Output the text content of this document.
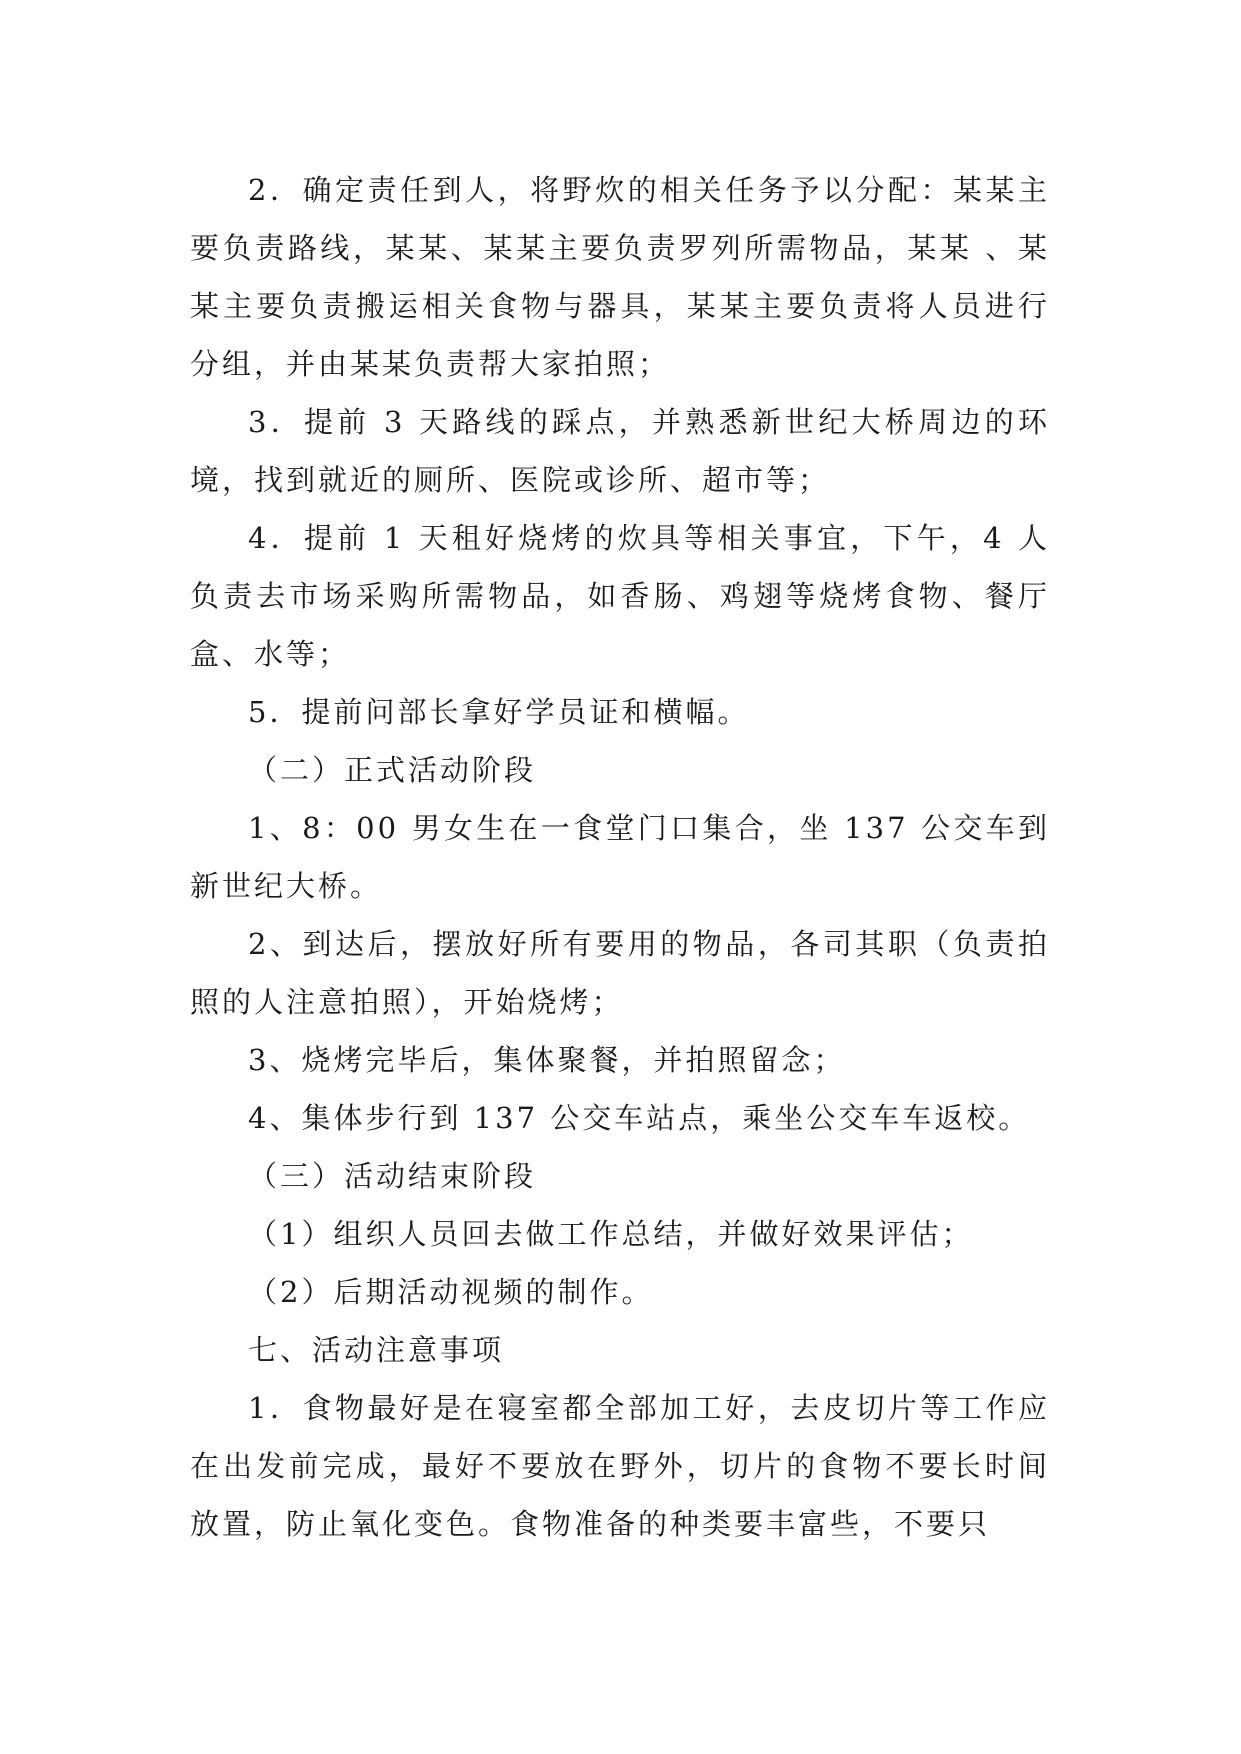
2．确定责任到人，将野炊的相关任务予以分配：某某主要负责路线，某某、某某主要负责罗列所需物品，某某 、某某主要负责搬运相关食物与器具，某某主要负责将人员进行分组，并由某某负责帮大家拍照；

3．提前 3 天路线的踩点，并熟悉新世纪大桥周边的环境，找到就近的厕所、医院或诊所、超市等；

4．提前 1 天租好烧烤的炊具等相关事宜，下午，4 人负责去市场采购所需物品，如香肠、鸡翅等烧烤食物、餐厅盒、水等；

5．提前问部长拿好学员证和横幅。

（二）正式活动阶段

1、8：00 男女生在一食堂门口集合，坐 137 公交车到新世纪大桥。

2、到达后，摆放好所有要用的物品，各司其职（负责拍照的人注意拍照），开始烧烤；

3、烧烤完毕后，集体聚餐，并拍照留念；

4、集体步行到 137 公交车站点，乘坐公交车车返校。

（三）活动结束阶段

（1）组织人员回去做工作总结，并做好效果评估；

（2）后期活动视频的制作。

七、活动注意事项

1．食物最好是在寝室都全部加工好，去皮切片等工作应在出发前完成，最好不要放在野外，切片的食物不要长时间放置，防止氧化变色。食物准备的种类要丰富些，不要只
